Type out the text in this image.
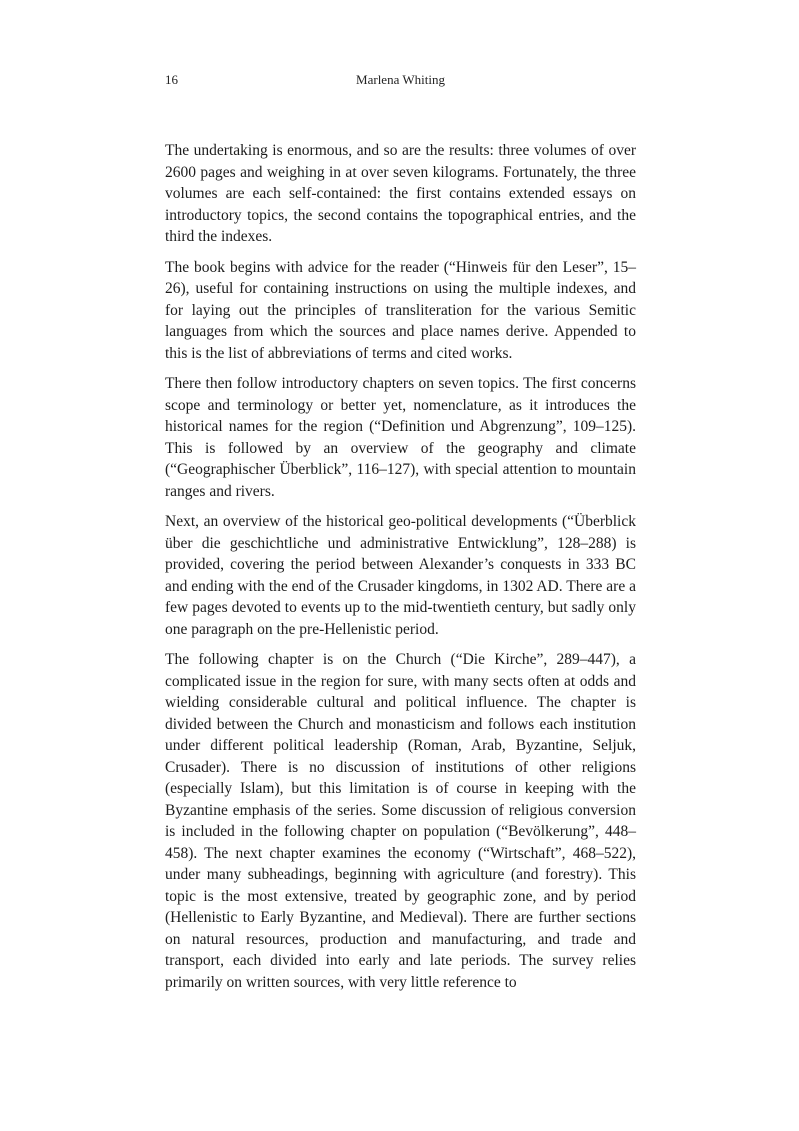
16	Marlena Whiting

The undertaking is enormous, and so are the results: three volumes of over 2600 pages and weighing in at over seven kilograms. Fortunately, the three volumes are each self-contained: the first contains extended essays on introductory topics, the second contains the topographical entries, and the third the indexes.

The book begins with advice for the reader (“Hinweis für den Leser”, 15–26), useful for containing instructions on using the multiple indexes, and for laying out the principles of transliteration for the various Semitic languages from which the sources and place names derive. Appended to this is the list of abbreviations of terms and cited works.

There then follow introductory chapters on seven topics. The first concerns scope and terminology or better yet, nomenclature, as it introduces the historical names for the region (“Definition und Abgrenzung”, 109–125). This is followed by an overview of the geography and climate (“Geographischer Überblick”, 116–127), with special attention to mountain ranges and rivers.

Next, an overview of the historical geo-political developments (“Überblick über die geschichtliche und administrative Entwicklung”, 128–288) is provided, covering the period between Alexander’s conquests in 333 BC and ending with the end of the Crusader kingdoms, in 1302 AD. There are a few pages devoted to events up to the mid-twentieth century, but sadly only one paragraph on the pre-Hellenistic period.

The following chapter is on the Church (“Die Kirche”, 289–447), a complicated issue in the region for sure, with many sects often at odds and wielding considerable cultural and political influence. The chapter is divided between the Church and monasticism and follows each institution under different political leadership (Roman, Arab, Byzantine, Seljuk, Crusader). There is no discussion of institutions of other religions (especially Islam), but this limitation is of course in keeping with the Byzantine emphasis of the series. Some discussion of religious conversion is included in the following chapter on population (“Bevölkerung”, 448–458). The next chapter examines the economy (“Wirtschaft”, 468–522), under many subheadings, beginning with agriculture (and forestry). This topic is the most extensive, treated by geographic zone, and by period (Hellenistic to Early Byzantine, and Medieval). There are further sections on natural resources, production and manufacturing, and trade and transport, each divided into early and late periods. The survey relies primarily on written sources, with very little reference to
